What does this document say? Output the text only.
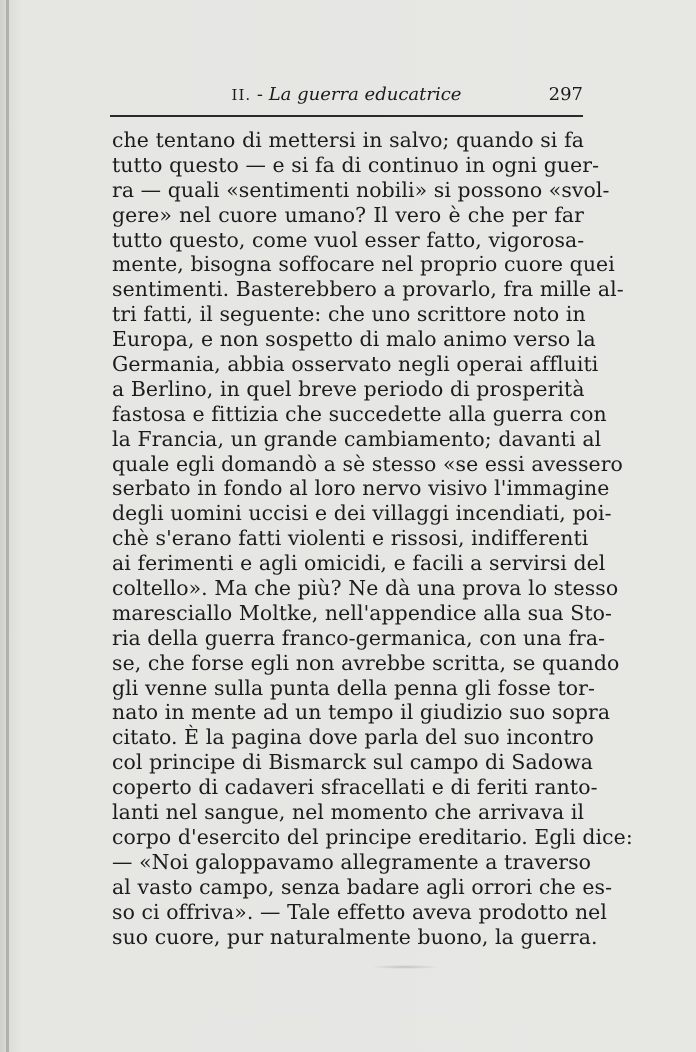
II. - La guerra educatrice	297
che tentano di mettersi in salvo; quando si fa
tutto questo — e si fa di continuo in ogni guer-
ra — quali «sentimenti nobili» si possono «svol-
gere» nel cuore umano? Il vero è che per far
tutto questo, come vuol esser fatto, vigorosa-
mente, bisogna soffocare nel proprio cuore quei
sentimenti. Basterebbero a provarlo, fra mille al-
tri fatti, il seguente: che uno scrittore noto in
Europa, e non sospetto di malo animo verso la
Germania, abbia osservato negli operai affluiti
a Berlino, in quel breve periodo di prosperità
fastosa e fittizia che succedette alla guerra con
la Francia, un grande cambiamento; davanti al
quale egli domandò a sè stesso «se essi avessero
serbato in fondo al loro nervo visivo l'immagine
degli uomini uccisi e dei villaggi incendiati, poi-
chè s'erano fatti violenti e rissosi, indifferenti
ai ferimenti e agli omicidi, e facili a servirsi del
coltello». Ma che più? Ne dà una prova lo stesso
maresciallo Moltke, nell'appendice alla sua Sto-
ria della guerra franco-germanica, con una fra-
se, che forse egli non avrebbe scritta, se quando
gli venne sulla punta della penna gli fosse tor-
nato in mente ad un tempo il giudizio suo sopra
citato. È la pagina dove parla del suo incontro
col principe di Bismarck sul campo di Sadowa
coperto di cadaveri sfracellati e di feriti ranto-
lanti nel sangue, nel momento che arrivava il
corpo d'esercito del principe ereditario. Egli dice:
— «Noi galoppavamo allegramente a traverso
al vasto campo, senza badare agli orrori che es-
so ci offriva». — Tale effetto aveva prodotto nel
suo cuore, pur naturalmente buono, la guerra.
